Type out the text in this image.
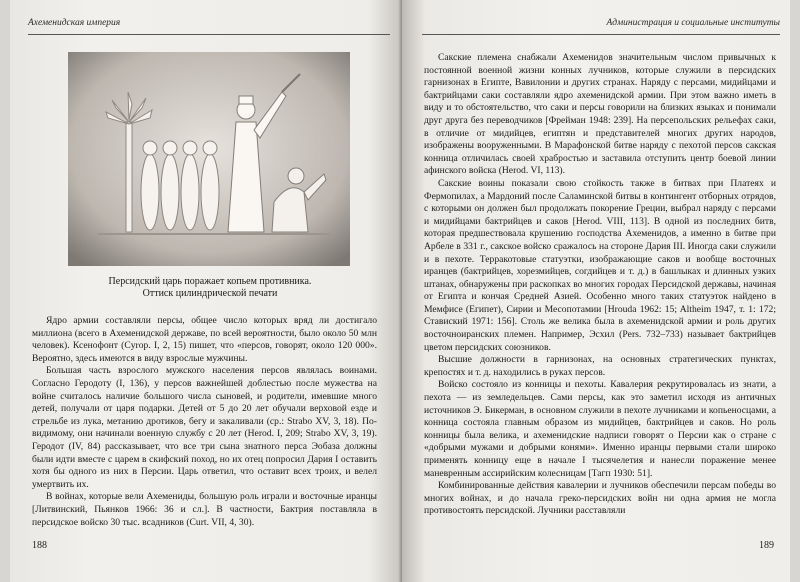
Ахеменидская империя
Персидский царь поражает копьем противника.
Оттиск цилиндрической печати

Ядро армии составляли персы, общее число которых вряд ли достигало миллиона (всего в Ахеменидской державе, по всей вероятности, было около 50 млн человек). Ксенофонт (Cyrop. I, 2, 15) пишет, что «персов, говорят, около 120 000». Вероятно, здесь имеются в виду взрослые мужчины.

Большая часть взрослого мужского населения персов являлась воинами. Согласно Геродоту (I, 136), у персов важнейшей доблестью после мужества на войне считалось наличие большого числа сыновей, и родители, имевшие много детей, получали от царя подарки. Детей от 5 до 20 лет обучали верховой езде и стрельбе из лука, метанию дротиков, бегу и закаливали (ср.: Strabo XV, 3, 18). По-видимому, они начинали военную службу с 20 лет (Herod. I, 209; Strabo XV, 3, 19). Геродот (IV, 84) рассказывает, что все три сына знатного перса Эобаза должны были идти вместе с царем в скифский поход, но их отец попросил Дария I оставить хотя бы одного из них в Персии. Царь ответил, что оставит всех троих, и велел умертвить их.

В войнах, которые вели Ахемениды, большую роль играли и восточные иранцы [Литвинский, Пьянков 1966: 36 и сл.]. В частности, Бактрия поставляла в персидское войско 30 тыс. всадников (Curt. VII, 4, 30).

188
Администрация и социальные институты

Сакские племена снабжали Ахеменидов значительным числом привычных к постоянной военной жизни конных лучников, которые служили в персидских гарнизонах в Египте, Вавилонии и других странах. Наряду с персами, мидийцами и бактрийцами саки составляли ядро ахеменидской армии. При этом важно иметь в виду и то обстоятельство, что саки и персы говорили на близких языках и понимали друг друга без переводчиков [Фрейман 1948: 239]. На персепольских рельефах саки, в отличие от мидийцев, египтян и представителей многих других народов, изображены вооруженными. В Марафонской битве наряду с пехотой персов сакская конница отличилась своей храбростью и заставила отступить центр боевой линии афинского войска (Herod. VI, 113).

Сакские воины показали свою стойкость также в битвах при Платеях и Фермопилах, а Мардоний после Саламинской битвы в контингент отборных отрядов, с которыми он должен был продолжать покорение Греции, выбрал наряду с персами и мидийцами бактрийцев и саков [Herod. VIII, 113]. В одной из последних битв, которая предшествовала крушению господства Ахеменидов, а именно в битве при Арбеле в 331 г., сакское войско сражалось на стороне Дария III. Иногда саки служили и в пехоте. Терракотовые статуэтки, изображающие саков и вообще восточных иранцев (бактрийцев, хорезмийцев, согдийцев и т. д.) в башлыках и длинных узких штанах, обнаружены при раскопках во многих городах Персидской державы, начиная от Египта и кончая Средней Азией. Особенно много таких статуэток найдено в Мемфисе (Египет), Сирии и Месопотамии [Hrouda 1962: 15; Altheim 1947, т. 1: 172; Ставиский 1971: 156]. Столь же велика была в ахеменидской армии и роль других восточноиранских племен. Например, Эсхил (Pers. 732–733) называет бактрийцев цветом персидских союзников.

Высшие должности в гарнизонах, на основных стратегических пунктах, крепостях и т. д. находились в руках персов.

Войско состояло из конницы и пехоты. Кавалерия рекрутировалась из знати, а пехота — из земледельцев. Сами персы, как это заметил исходя из античных источников Э. Бикерман, в основном служили в пехоте лучниками и копьеносцами, а конница состояла главным образом из мидийцев, бактрийцев и саков. Но роль конницы была велика, и ахеменидские надписи говорят о Персии как о стране с «добрыми мужами и добрыми конями». Именно иранцы первыми стали широко применять конницу еще в начале I тысячелетия и нанесли поражение менее маневренным ассирийским колесницам [Тагп 1930: 51].

Комбинированные действия кавалерии и лучников обеспечили персам победы во многих войнах, и до начала греко-персидских войн ни одна армия не могла противостоять персидской. Лучники расставляли

189
